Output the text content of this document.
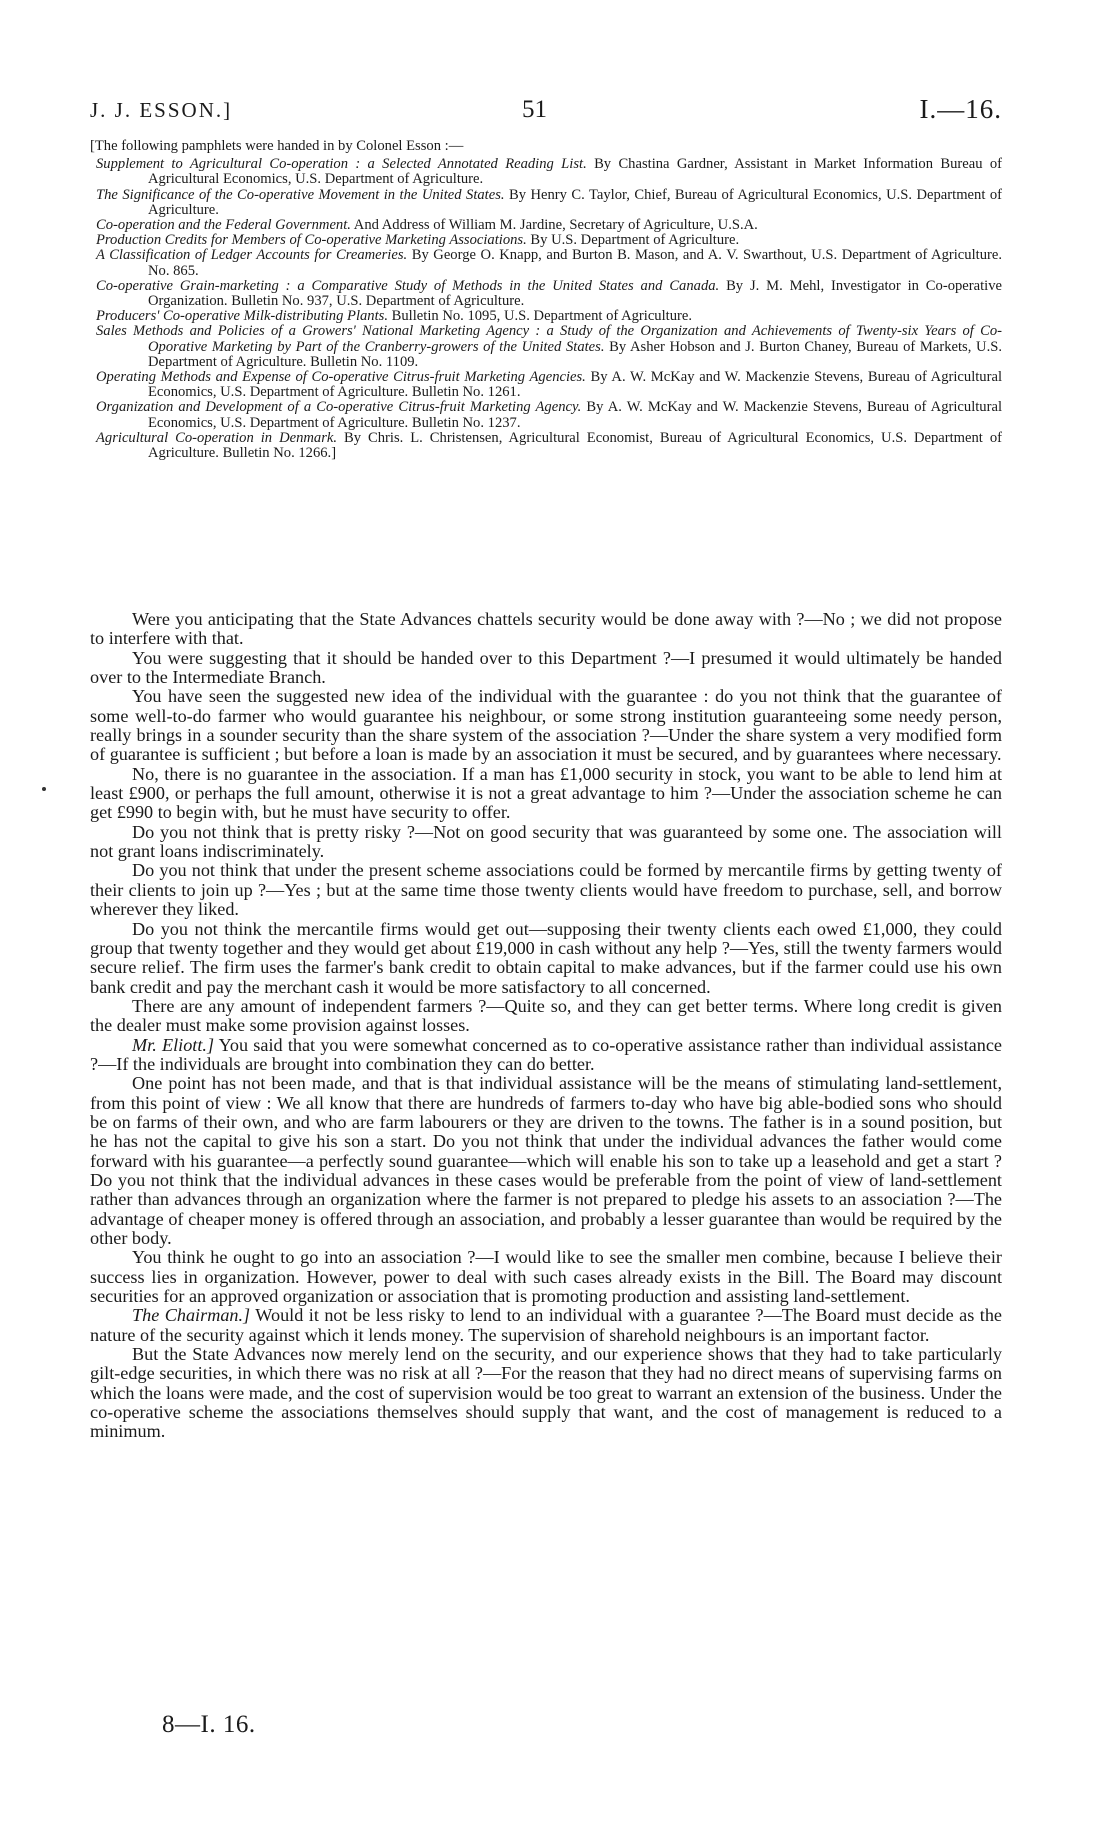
J. J. ESSON.]	51	I.—16.

[The following pamphlets were handed in by Colonel Esson :—

Supplement to Agricultural Co-operation : a Selected Annotated Reading List. By Chastina Gardner, Assistant in Market Information Bureau of Agricultural Economics, U.S. Department of Agriculture.

The Significance of the Co-operative Movement in the United States. By Henry C. Taylor, Chief, Bureau of Agricultural Economics, U.S. Department of Agriculture.

Co-operation and the Federal Government. And Address of William M. Jardine, Secretary of Agriculture, U.S.A.

Production Credits for Members of Co-operative Marketing Associations. By U.S. Department of Agriculture.

A Classification of Ledger Accounts for Creameries. By George O. Knapp, and Burton B. Mason, and A. V. Swarthout, U.S. Department of Agriculture. No. 865.

Co-operative Grain-marketing : a Comparative Study of Methods in the United States and Canada. By J. M. Mehl, Investigator in Co-operative Organization. Bulletin No. 937, U.S. Department of Agriculture.

Producers' Co-operative Milk-distributing Plants. Bulletin No. 1095, U.S. Department of Agriculture.

Sales Methods and Policies of a Growers' National Marketing Agency : a Study of the Organization and Achievements of Twenty-six Years of Co-Oporative Marketing by Part of the Cranberry-growers of the United States. By Asher Hobson and J. Burton Chaney, Bureau of Markets, U.S. Department of Agriculture. Bulletin No. 1109.

Operating Methods and Expense of Co-operative Citrus-fruit Marketing Agencies. By A. W. McKay and W. Mackenzie Stevens, Bureau of Agricultural Economics, U.S. Department of Agriculture. Bulletin No. 1261.

Organization and Development of a Co-operative Citrus-fruit Marketing Agency. By A. W. McKay and W. Mackenzie Stevens, Bureau of Agricultural Economics, U.S. Department of Agriculture. Bulletin No. 1237.

Agricultural Co-operation in Denmark. By Chris. L. Christensen, Agricultural Economist, Bureau of Agricultural Economics, U.S. Department of Agriculture. Bulletin No. 1266.]

Were you anticipating that the State Advances chattels security would be done away with ?—No ; we did not propose to interfere with that.

You were suggesting that it should be handed over to this Department ?—I presumed it would ultimately be handed over to the Intermediate Branch.

You have seen the suggested new idea of the individual with the guarantee : do you not think that the guarantee of some well-to-do farmer who would guarantee his neighbour, or some strong institution guaranteeing some needy person, really brings in a sounder security than the share system of the association ?—Under the share system a very modified form of guarantee is sufficient ; but before a loan is made by an association it must be secured, and by guarantees where necessary.

No, there is no guarantee in the association. If a man has £1,000 security in stock, you want to be able to lend him at least £900, or perhaps the full amount, otherwise it is not a great advantage to him ?—Under the association scheme he can get £990 to begin with, but he must have security to offer.

Do you not think that is pretty risky ?—Not on good security that was guaranteed by some one. The association will not grant loans indiscriminately.

Do you not think that under the present scheme associations could be formed by mercantile firms by getting twenty of their clients to join up ?—Yes ; but at the same time those twenty clients would have freedom to purchase, sell, and borrow wherever they liked.

Do you not think the mercantile firms would get out—supposing their twenty clients each owed £1,000, they could group that twenty together and they would get about £19,000 in cash without any help ?—Yes, still the twenty farmers would secure relief. The firm uses the farmer's bank credit to obtain capital to make advances, but if the farmer could use his own bank credit and pay the merchant cash it would be more satisfactory to all concerned.

There are any amount of independent farmers ?—Quite so, and they can get better terms. Where long credit is given the dealer must make some provision against losses.

Mr. Eliott.] You said that you were somewhat concerned as to co-operative assistance rather than individual assistance ?—If the individuals are brought into combination they can do better.

One point has not been made, and that is that individual assistance will be the means of stimulating land-settlement, from this point of view : We all know that there are hundreds of farmers to-day who have big able-bodied sons who should be on farms of their own, and who are farm labourers or they are driven to the towns. The father is in a sound position, but he has not the capital to give his son a start. Do you not think that under the individual advances the father would come forward with his guarantee—a perfectly sound guarantee—which will enable his son to take up a leasehold and get a start ? Do you not think that the individual advances in these cases would be preferable from the point of view of land-settlement rather than advances through an organization where the farmer is not prepared to pledge his assets to an association ?—The advantage of cheaper money is offered through an association, and probably a lesser guarantee than would be required by the other body.

You think he ought to go into an association ?—I would like to see the smaller men combine, because I believe their success lies in organization. However, power to deal with such cases already exists in the Bill. The Board may discount securities for an approved organization or association that is promoting production and assisting land-settlement.

The Chairman.] Would it not be less risky to lend to an individual with a guarantee ?—The Board must decide as the nature of the security against which it lends money. The supervision of sharehold neighbours is an important factor.

But the State Advances now merely lend on the security, and our experience shows that they had to take particularly gilt-edge securities, in which there was no risk at all ?—For the reason that they had no direct means of supervising farms on which the loans were made, and the cost of supervision would be too great to warrant an extension of the business. Under the co-operative scheme the associations themselves should supply that want, and the cost of management is reduced to a minimum.

8—I. 16.
